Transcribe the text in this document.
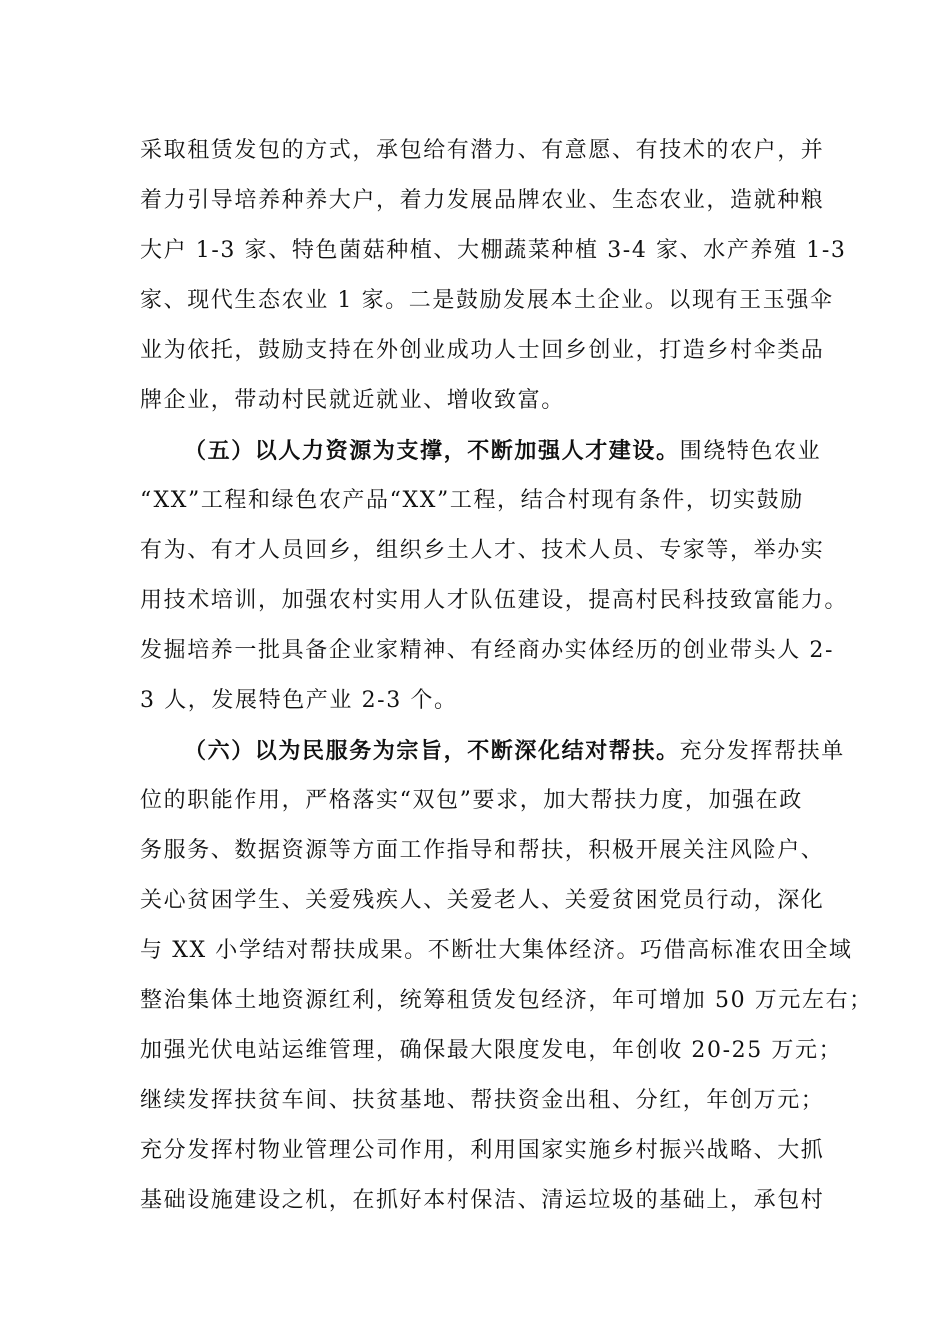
采取租赁发包的方式，承包给有潜力、有意愿、有技术的农户，并
着力引导培养种养大户，着力发展品牌农业、生态农业，造就种粮
大户 1-3 家、特色菌菇种植、大棚蔬菜种植 3-4 家、水产养殖 1-3
家、现代生态农业 1 家。二是鼓励发展本土企业。以现有王玉强伞
业为依托，鼓励支持在外创业成功人士回乡创业，打造乡村伞类品
牌企业，带动村民就近就业、增收致富。
（五）以人力资源为支撑，不断加强人才建设。围绕特色农业
“XX”工程和绿色农产品“XX”工程，结合村现有条件，切实鼓励
有为、有才人员回乡，组织乡土人才、技术人员、专家等，举办实
用技术培训，加强农村实用人才队伍建设，提高村民科技致富能力。
发掘培养一批具备企业家精神、有经商办实体经历的创业带头人 2-
3 人，发展特色产业 2-3 个。
（六）以为民服务为宗旨，不断深化结对帮扶。充分发挥帮扶单
位的职能作用，严格落实“双包”要求，加大帮扶力度，加强在政
务服务、数据资源等方面工作指导和帮扶，积极开展关注风险户、
关心贫困学生、关爱残疾人、关爱老人、关爱贫困党员行动，深化
与 XX 小学结对帮扶成果。不断壮大集体经济。巧借高标准农田全域
整治集体土地资源红利，统筹租赁发包经济，年可增加 50 万元左右；
加强光伏电站运维管理，确保最大限度发电，年创收 20-25 万元；
继续发挥扶贫车间、扶贫基地、帮扶资金出租、分红，年创万元；
充分发挥村物业管理公司作用，利用国家实施乡村振兴战略、大抓
基础设施建设之机，在抓好本村保洁、清运垃圾的基础上，承包村
